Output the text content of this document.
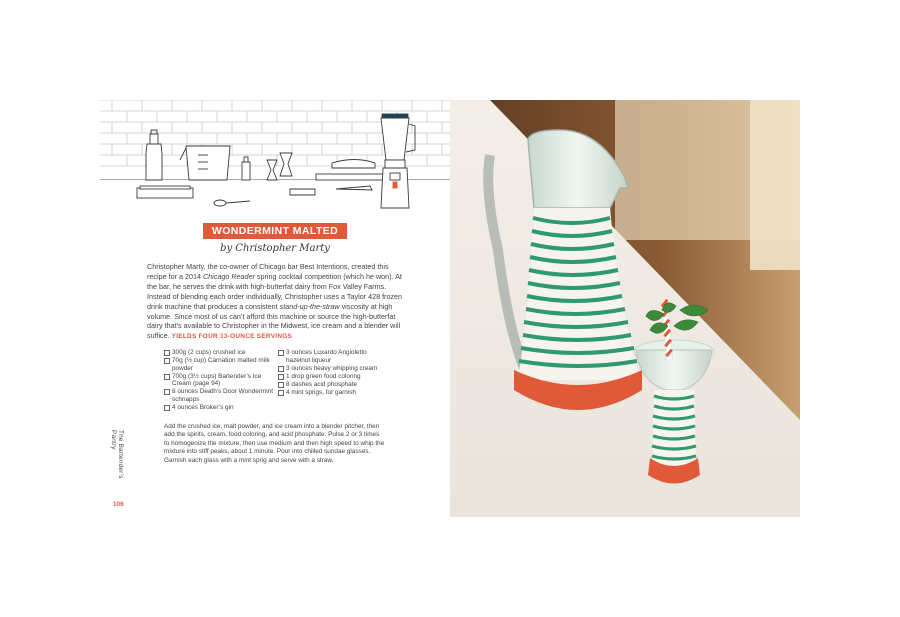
WONDERMINT MALTED
by Christopher Marty

Christopher Marty, the co-owner of Chicago bar Best Intentions, created this recipe for a 2014 Chicago Reader spring cocktail competition (which he won). At the bar, he serves the drink with high-butterfat dairy from Fox Valley Farms. Instead of blending each order individually, Christopher uses a Taylor 428 frozen drink machine that produces a consistent stand-up-the-straw viscosity at high volume. Since most of us can’t afford this machine or source the high-butterfat dairy that’s available to Christopher in the Midwest, ice cream and a blender will suffice. YIELDS FOUR 13-OUNCE SERVINGS

300g (2 cups) crushed ice
70g (½ cup) Carnation malted milk powder
700g (3½ cups) Bartender’s Ice Cream (page 94)
8 ounces Death’s Door Wondermint schnapps
4 ounces Broker’s gin
3 ounces Luxardo Angioletto hazelnut liqueur
3 ounces heavy whipping cream
1 drop green food coloring
8 dashes acid phosphate
4 mint sprigs, for garnish

Add the crushed ice, malt powder, and ice cream into a blender pitcher, then add the spirits, cream, food coloring, and acid phosphate. Pulse 2 or 3 times to homogenize the mixture, then use medium and then high speed to whip the mixture into stiff peaks, about 1 minute. Pour into chilled sundae glasses. Garnish each glass with a mint sprig and serve with a straw.

The Bartender’s Pantry
106
